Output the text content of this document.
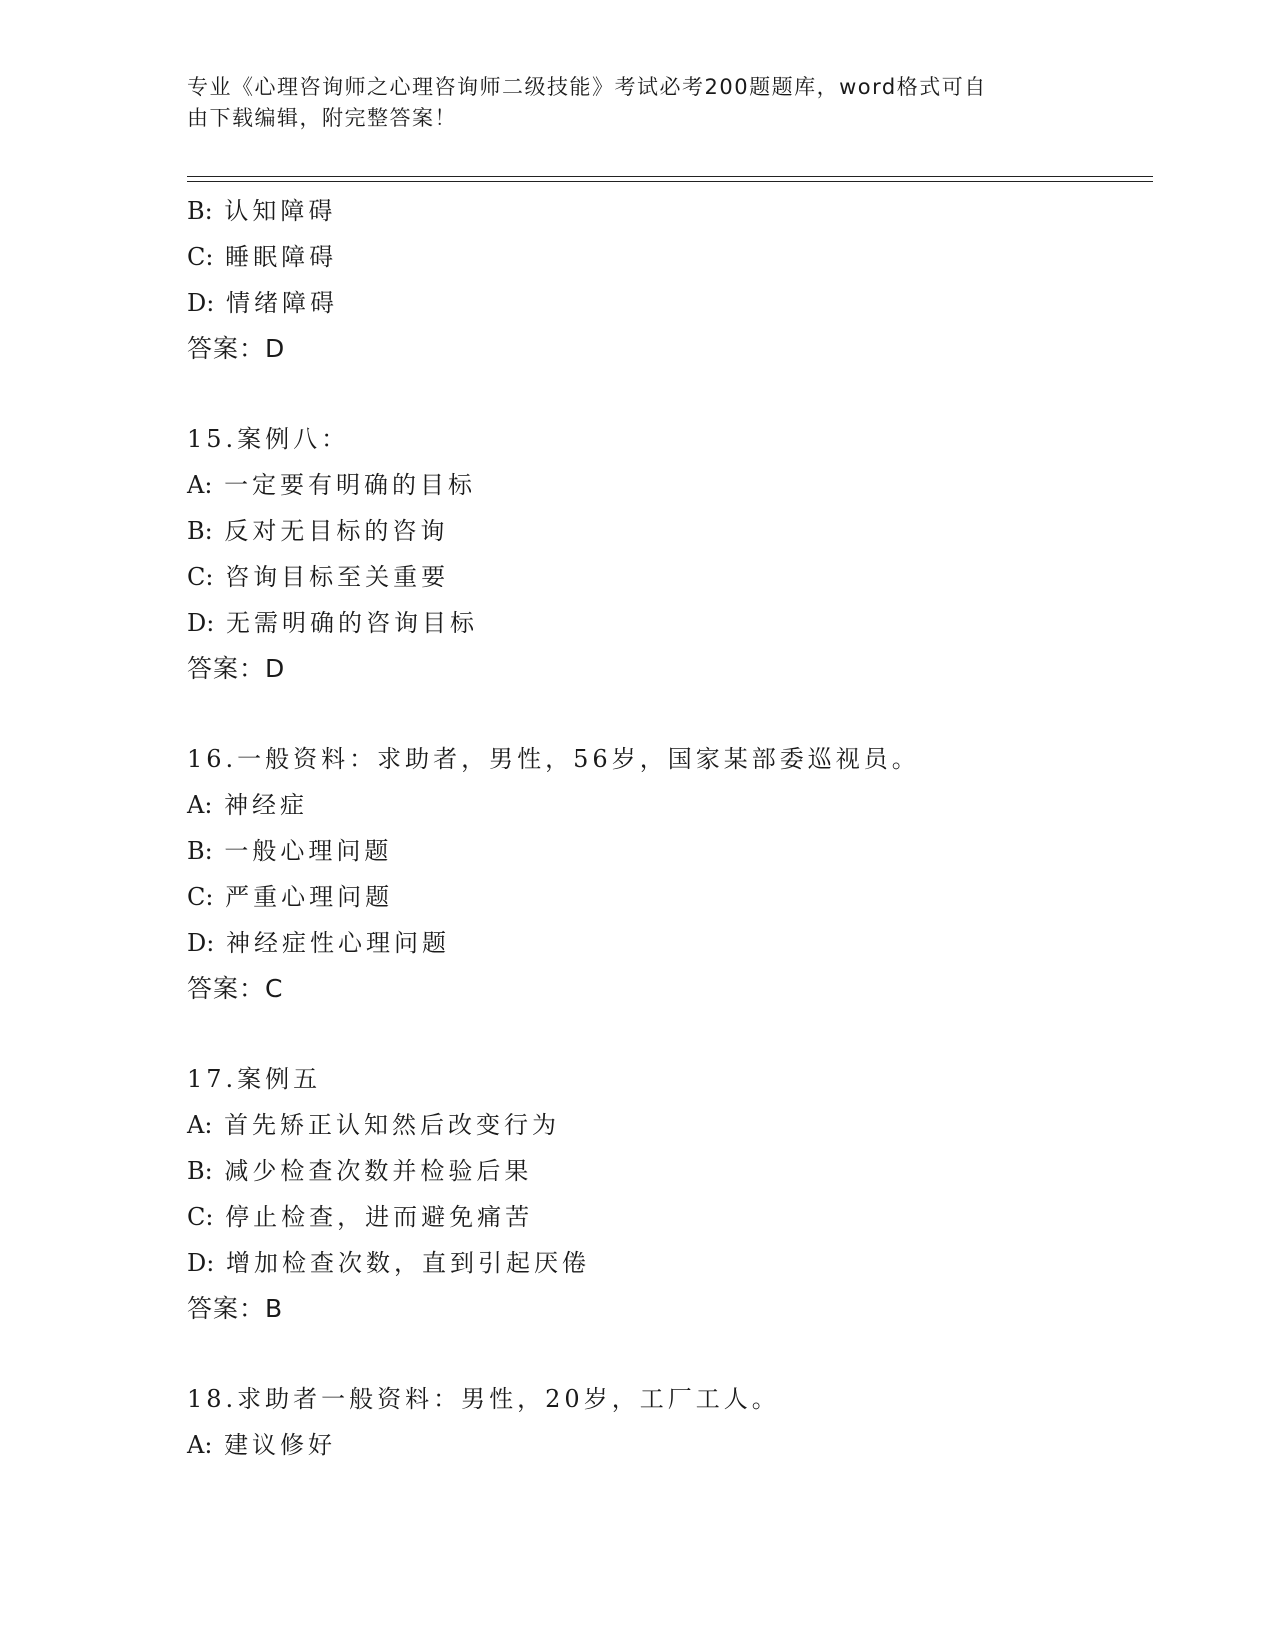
专业《心理咨询师之心理咨询师二级技能》考试必考200题题库，word格式可自
由下载编辑，附完整答案！
B: 认知障碍
C: 睡眠障碍
D: 情绪障碍
答案：D
15.案例八：
A: 一定要有明确的目标
B: 反对无目标的咨询
C: 咨询目标至关重要
D: 无需明确的咨询目标
答案：D
16.一般资料：求助者，男性，56岁，国家某部委巡视员。
A: 神经症
B: 一般心理问题
C: 严重心理问题
D: 神经症性心理问题
答案：C
17.案例五
A: 首先矫正认知然后改变行为
B: 减少检查次数并检验后果
C: 停止检查，进而避免痛苦
D: 增加检查次数，直到引起厌倦
答案：B
18.求助者一般资料：男性，20岁，工厂工人。
A: 建议修好
